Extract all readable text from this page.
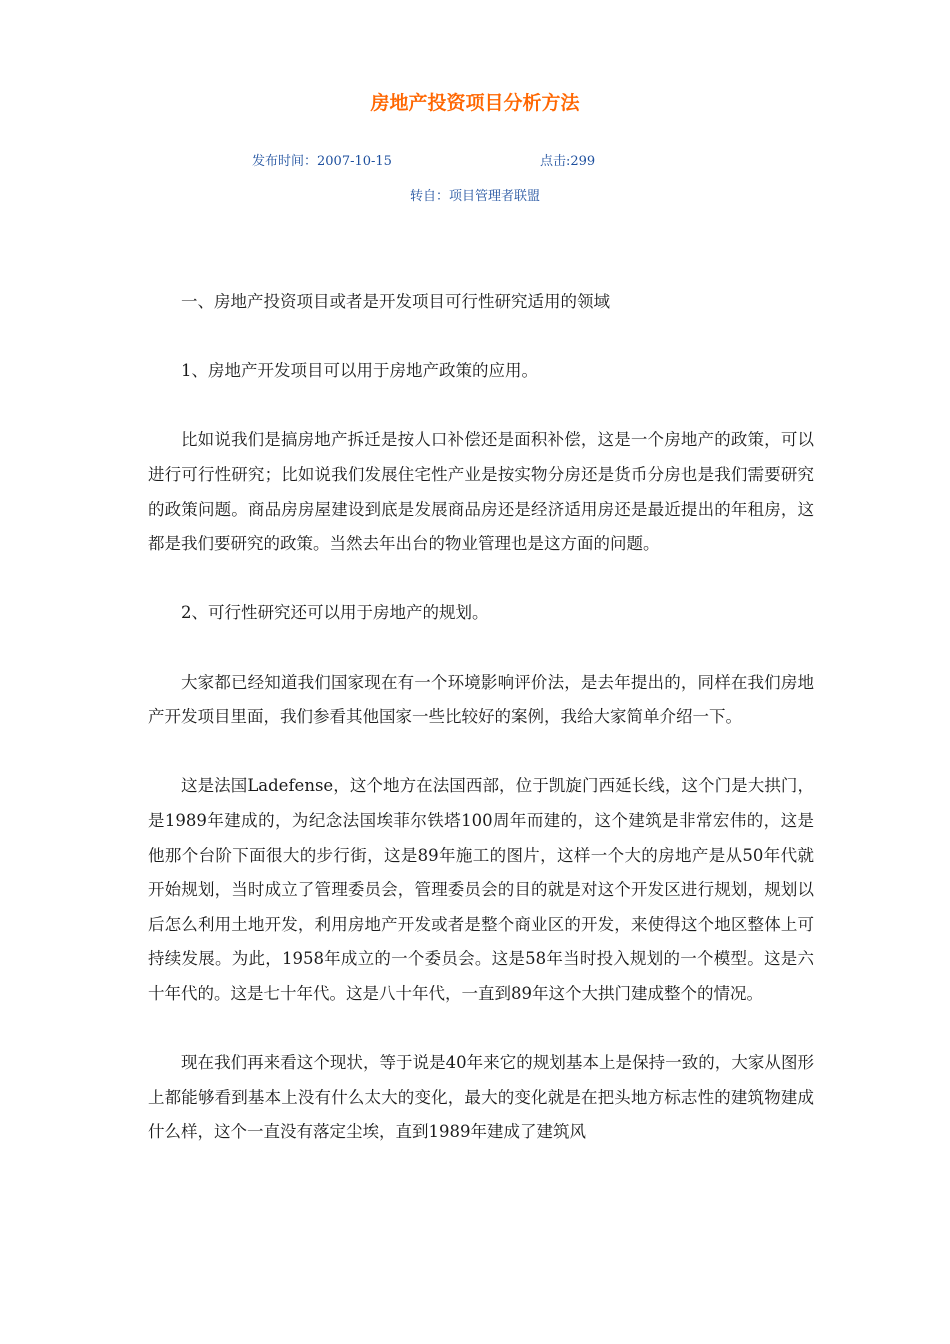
房地产投资项目分析方法
发布时间：2007-10-15	点击:299
转自：项目管理者联盟

一、房地产投资项目或者是开发项目可行性研究适用的领域

1、房地产开发项目可以用于房地产政策的应用。

比如说我们是搞房地产拆迁是按人口补偿还是面积补偿，这是一个房地产的政策，可以进行可行性研究；比如说我们发展住宅性产业是按实物分房还是货币分房也是我们需要研究的政策问题。商品房房屋建设到底是发展商品房还是经济适用房还是最近提出的年租房，这都是我们要研究的政策。当然去年出台的物业管理也是这方面的问题。

2、可行性研究还可以用于房地产的规划。

大家都已经知道我们国家现在有一个环境影响评价法，是去年提出的，同样在我们房地产开发项目里面，我们参看其他国家一些比较好的案例，我给大家简单介绍一下。

这是法国Ladefense，这个地方在法国西部，位于凯旋门西延长线，这个门是大拱门，是1989年建成的，为纪念法国埃菲尔铁塔100周年而建的，这个建筑是非常宏伟的，这是他那个台阶下面很大的步行街，这是89年施工的图片，这样一个大的房地产是从50年代就开始规划，当时成立了管理委员会，管理委员会的目的就是对这个开发区进行规划，规划以后怎么利用土地开发，利用房地产开发或者是整个商业区的开发，来使得这个地区整体上可持续发展。为此，1958年成立的一个委员会。这是58年当时投入规划的一个模型。这是六十年代的。这是七十年代。这是八十年代，一直到89年这个大拱门建成整个的情况。

现在我们再来看这个现状，等于说是40年来它的规划基本上是保持一致的，大家从图形上都能够看到基本上没有什么太大的变化，最大的变化就是在把头地方标志性的建筑物建成什么样，这个一直没有落定尘埃，直到1989年建成了建筑风
